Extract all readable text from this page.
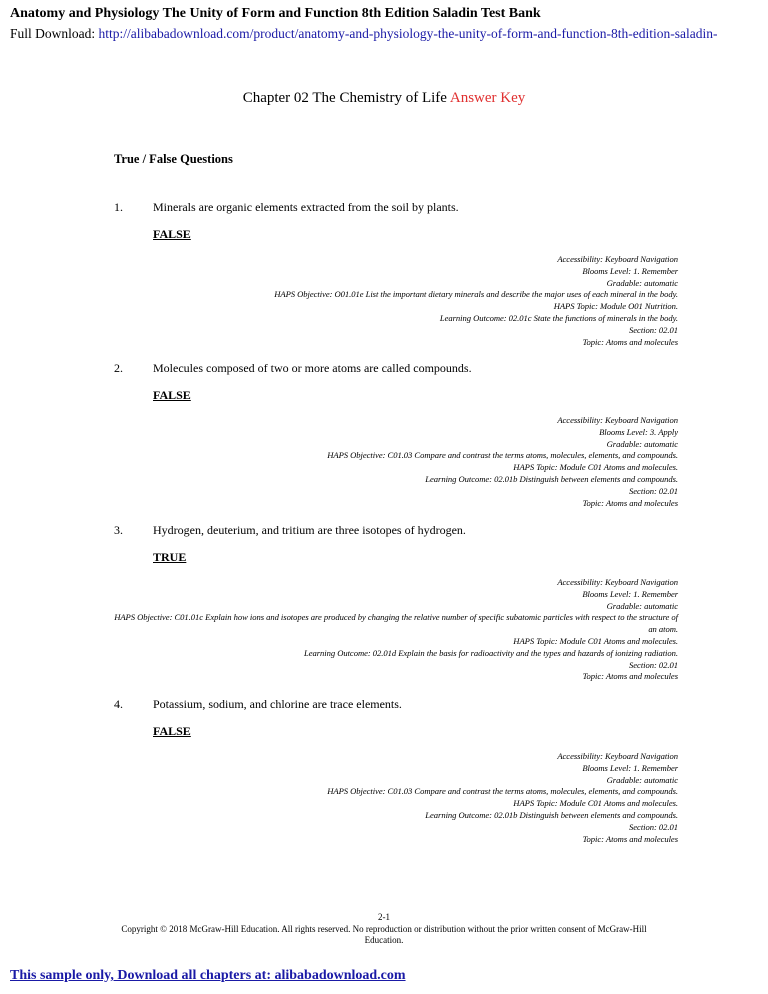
Anatomy and Physiology The Unity of Form and Function 8th Edition Saladin Test Bank
Full Download: http://alibabadownload.com/product/anatomy-and-physiology-the-unity-of-form-and-function-8th-edition-saladin-
Chapter 02 The Chemistry of Life Answer Key
True / False Questions
1.	Minerals are organic elements extracted from the soil by plants.
FALSE
Accessibility: Keyboard Navigation
Blooms Level: 1. Remember
Gradable: automatic
HAPS Objective: O01.01e List the important dietary minerals and describe the major uses of each mineral in the body.
HAPS Topic: Module O01 Nutrition.
Learning Outcome: 02.01c State the functions of minerals in the body.
Section: 02.01
Topic: Atoms and molecules
2.	Molecules composed of two or more atoms are called compounds.
FALSE
Accessibility: Keyboard Navigation
Blooms Level: 3. Apply
Gradable: automatic
HAPS Objective: C01.03 Compare and contrast the terms atoms, molecules, elements, and compounds.
HAPS Topic: Module C01 Atoms and molecules.
Learning Outcome: 02.01b Distinguish between elements and compounds.
Section: 02.01
Topic: Atoms and molecules
3.	Hydrogen, deuterium, and tritium are three isotopes of hydrogen.
TRUE
Accessibility: Keyboard Navigation
Blooms Level: 1. Remember
Gradable: automatic
HAPS Objective: C01.01c Explain how ions and isotopes are produced by changing the relative number of specific subatomic particles with respect to the structure of an atom.
HAPS Topic: Module C01 Atoms and molecules.
Learning Outcome: 02.01d Explain the basis for radioactivity and the types and hazards of ionizing radiation.
Section: 02.01
Topic: Atoms and molecules
4.	Potassium, sodium, and chlorine are trace elements.
FALSE
Accessibility: Keyboard Navigation
Blooms Level: 1. Remember
Gradable: automatic
HAPS Objective: C01.03 Compare and contrast the terms atoms, molecules, elements, and compounds.
HAPS Topic: Module C01 Atoms and molecules.
Learning Outcome: 02.01b Distinguish between elements and compounds.
Section: 02.01
Topic: Atoms and molecules
2-1
Copyright © 2018 McGraw-Hill Education. All rights reserved. No reproduction or distribution without the prior written consent of McGraw-Hill Education.
This sample only, Download all chapters at: alibabadownload.com
